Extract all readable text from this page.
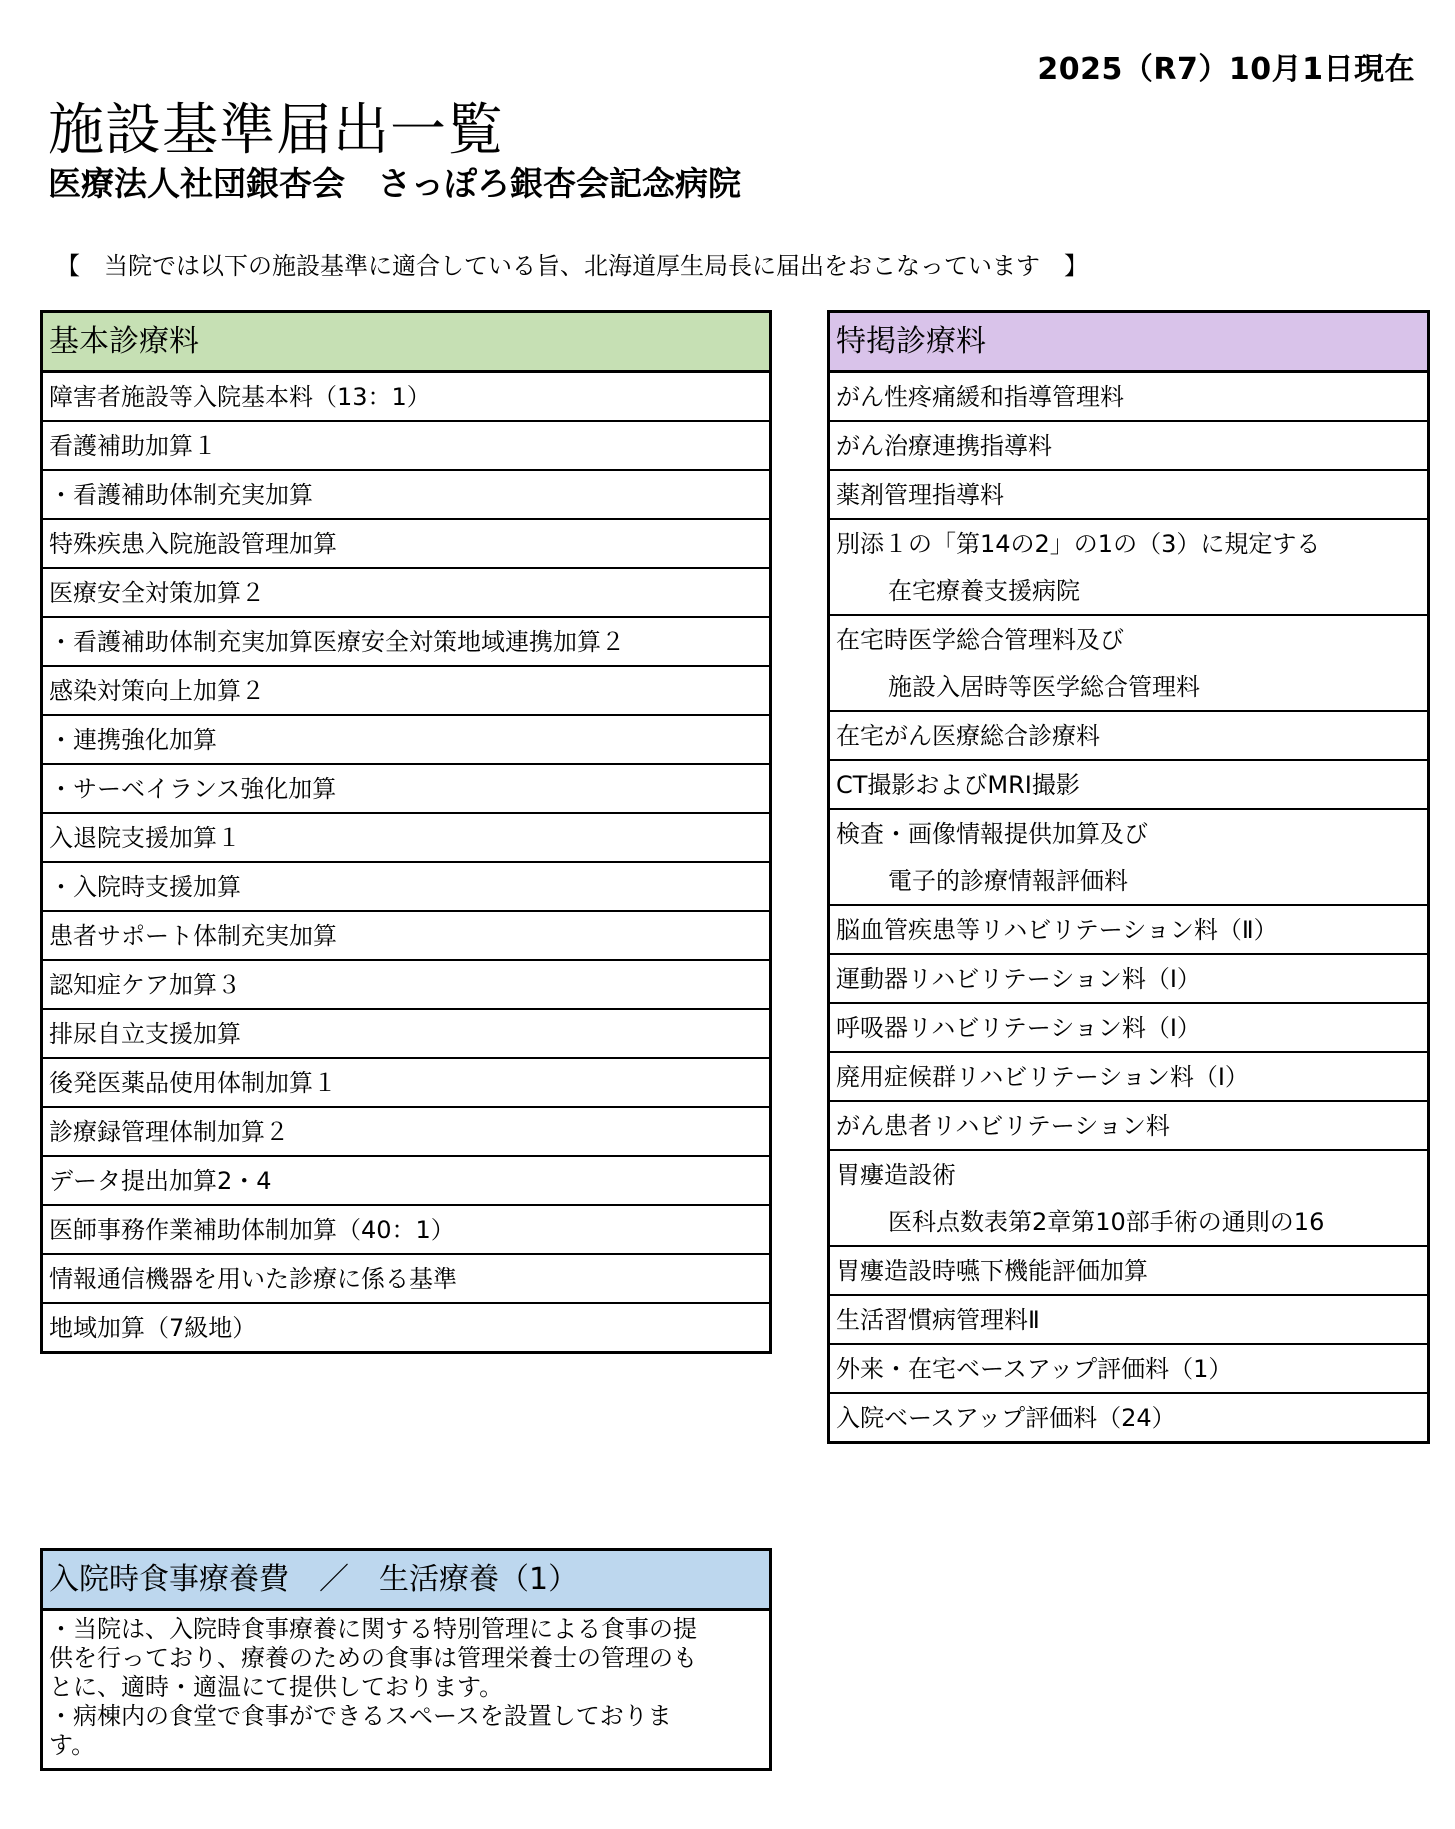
2025（R7）10月1日現在
施設基準届出一覧
医療法人社団銀杏会　さっぽろ銀杏会記念病院
【　当院では以下の施設基準に適合している旨、北海道厚生局長に届出をおこなっています　】
基本診療料
障害者施設等入院基本料（13：1）
看護補助加算１
・看護補助体制充実加算
特殊疾患入院施設管理加算
医療安全対策加算２
・看護補助体制充実加算医療安全対策地域連携加算２
感染対策向上加算２
・連携強化加算
・サーベイランス強化加算
入退院支援加算１
・入院時支援加算
患者サポート体制充実加算
認知症ケア加算３
排尿自立支援加算
後発医薬品使用体制加算１
診療録管理体制加算２
データ提出加算2・4
医師事務作業補助体制加算（40：1）
情報通信機器を用いた診療に係る基準
地域加算（7級地）
特掲診療料
がん性疼痛緩和指導管理料
がん治療連携指導料
薬剤管理指導料
別添１の「第14の2」の1の（3）に規定する
在宅療養支援病院
在宅時医学総合管理料及び
施設入居時等医学総合管理料
在宅がん医療総合診療料
CT撮影およびMRI撮影
検査・画像情報提供加算及び
電子的診療情報評価料
脳血管疾患等リハビリテーション料（Ⅱ）
運動器リハビリテーション料（Ⅰ）
呼吸器リハビリテーション料（Ⅰ）
廃用症候群リハビリテーション料（Ⅰ）
がん患者リハビリテーション料
胃瘻造設術
医科点数表第2章第10部手術の通則の16
胃瘻造設時嚥下機能評価加算
生活習慣病管理料Ⅱ
外来・在宅ベースアップ評価料（1）
入院ベースアップ評価料（24）
入院時食事療養費　／　生活療養（1）

・当院は、入院時食事療養に関する特別管理による食事の提
供を行っており、療養のための食事は管理栄養士の管理のも
とに、適時・適温にて提供しております。
・病棟内の食堂で食事ができるスペースを設置しておりま
す。
